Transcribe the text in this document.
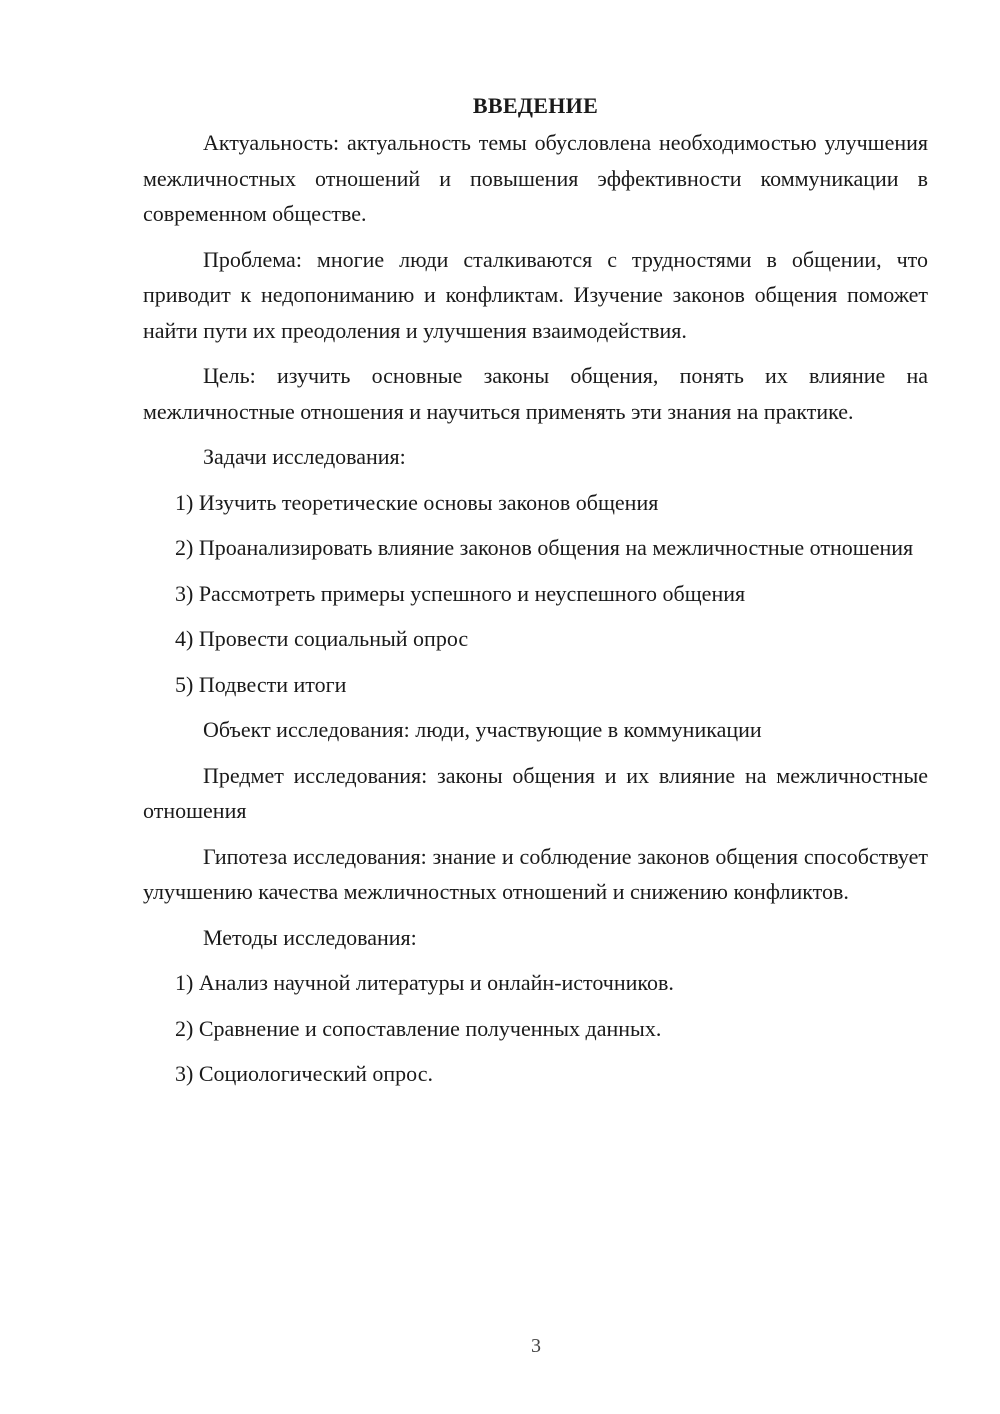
ВВЕДЕНИЕ

Актуальность: актуальность темы обусловлена необходимостью улучшения межличностных отношений и повышения эффективности коммуникации в современном обществе.

Проблема: многие люди сталкиваются с трудностями в общении, что приводит к недопониманию и конфликтам. Изучение законов общения поможет найти пути их преодоления и улучшения взаимодействия.

Цель: изучить основные законы общения, понять их влияние на межличностные отношения и научиться применять эти знания на практике.

Задачи исследования:

1) Изучить теоретические основы законов общения

2) Проанализировать влияние законов общения на межличностные отношения

3) Рассмотреть примеры успешного и неуспешного общения

4) Провести социальный опрос

5) Подвести итоги

Объект исследования: люди, участвующие в коммуникации

Предмет исследования: законы общения и их влияние на межличностные отношения

Гипотеза исследования: знание и соблюдение законов общения способствует улучшению качества межличностных отношений и снижению конфликтов.

Методы исследования:

1) Анализ научной литературы и онлайн-источников.

2) Сравнение и сопоставление полученных данных.

3) Социологический опрос.

3
